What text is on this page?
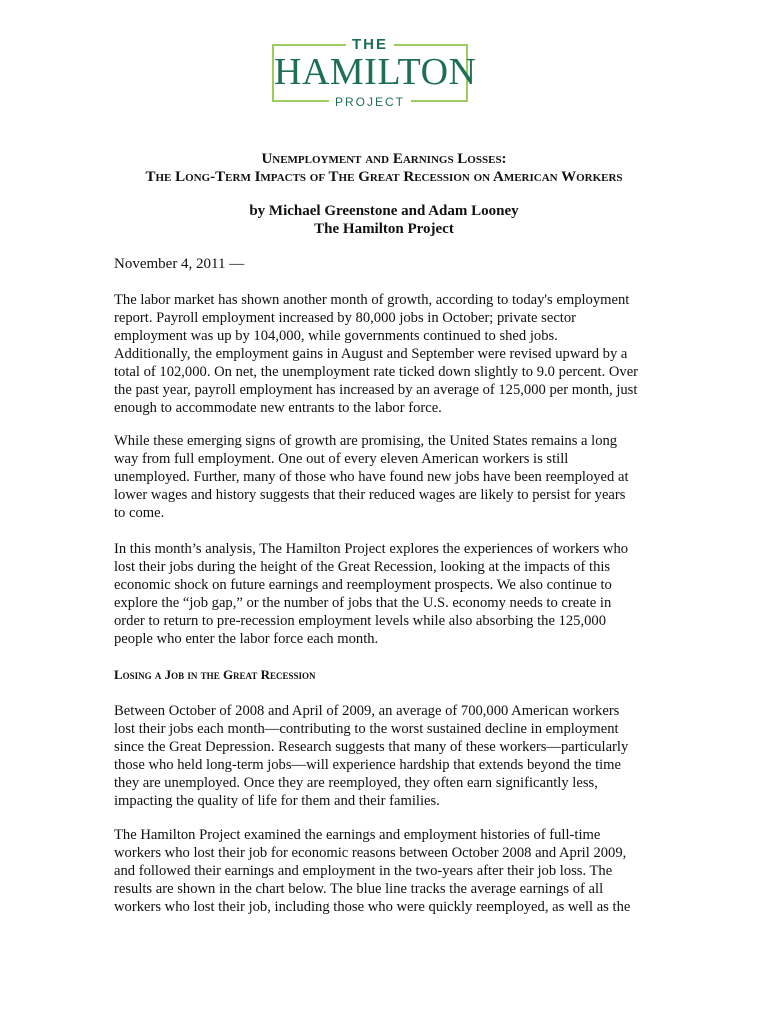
THE
HAMILTON
PROJECT
Unemployment and Earnings Losses:
The Long-Term Impacts of The Great Recession on American Workers
by Michael Greenstone and Adam Looney
The Hamilton Project
November 4, 2011 —
The labor market has shown another month of growth, according to today's employment
report. Payroll employment increased by 80,000 jobs in October; private sector
employment was up by 104,000, while governments continued to shed jobs.
Additionally, the employment gains in August and September were revised upward by a
total of 102,000. On net, the unemployment rate ticked down slightly to 9.0 percent. Over
the past year, payroll employment has increased by an average of 125,000 per month, just
enough to accommodate new entrants to the labor force.
While these emerging signs of growth are promising, the United States remains a long
way from full employment. One out of every eleven American workers is still
unemployed. Further, many of those who have found new jobs have been reemployed at
lower wages and history suggests that their reduced wages are likely to persist for years
to come.
In this month’s analysis, The Hamilton Project explores the experiences of workers who
lost their jobs during the height of the Great Recession, looking at the impacts of this
economic shock on future earnings and reemployment prospects. We also continue to
explore the “job gap,” or the number of jobs that the U.S. economy needs to create in
order to return to pre-recession employment levels while also absorbing the 125,000
people who enter the labor force each month.
Losing a Job in the Great Recession
Between October of 2008 and April of 2009, an average of 700,000 American workers
lost their jobs each month—contributing to the worst sustained decline in employment
since the Great Depression. Research suggests that many of these workers—particularly
those who held long-term jobs—will experience hardship that extends beyond the time
they are unemployed. Once they are reemployed, they often earn significantly less,
impacting the quality of life for them and their families.
The Hamilton Project examined the earnings and employment histories of full-time
workers who lost their job for economic reasons between October 2008 and April 2009,
and followed their earnings and employment in the two-years after their job loss. The
results are shown in the chart below. The blue line tracks the average earnings of all
workers who lost their job, including those who were quickly reemployed, as well as the
